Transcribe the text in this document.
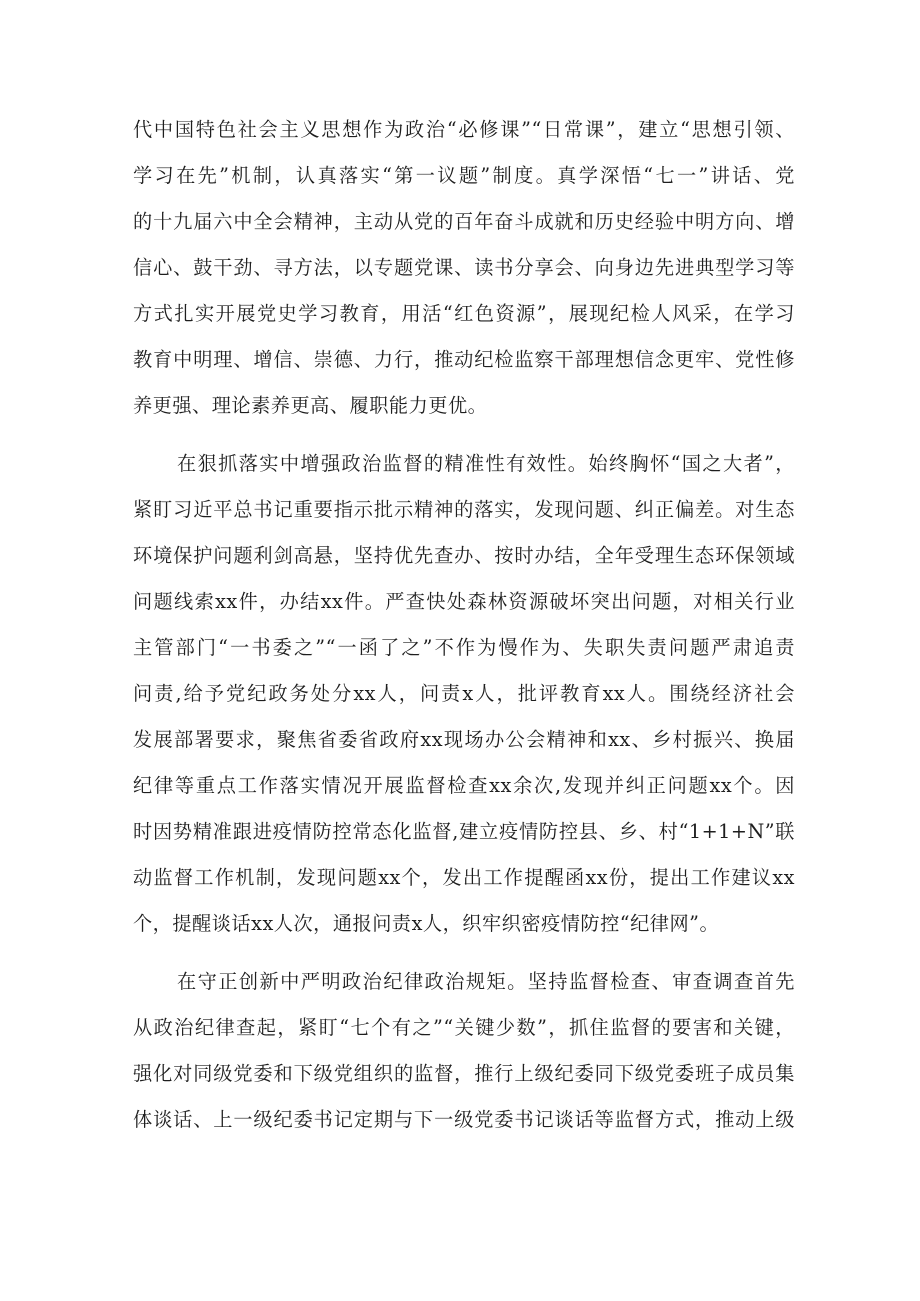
代中国特色社会主义思想作为政治“必修课”“日常课”，建立“思想引领、
学习在先”机制，认真落实“第一议题”制度。真学深悟“七一”讲话、党
的十九届六中全会精神，主动从党的百年奋斗成就和历史经验中明方向、增
信心、鼓干劲、寻方法，以专题党课、读书分享会、向身边先进典型学习等
方式扎实开展党史学习教育，用活“红色资源”，展现纪检人风采，在学习
教育中明理、增信、崇德、力行，推动纪检监察干部理想信念更牢、党性修
养更强、理论素养更高、履职能力更优。
在狠抓落实中增强政治监督的精准性有效性。始终胸怀“国之大者”，
紧盯习近平总书记重要指示批示精神的落实，发现问题、纠正偏差。对生态
环境保护问题利剑高悬，坚持优先查办、按时办结，全年受理生态环保领域
问题线索xx件，办结xx件。严查快处森林资源破坏突出问题，对相关行业
主管部门“一书委之”“一函了之”不作为慢作为、失职失责问题严肃追责
问责,给予党纪政务处分xx人，问责x人，批评教育xx人。围绕经济社会
发展部署要求，聚焦省委省政府xx现场办公会精神和xx、乡村振兴、换届
纪律等重点工作落实情况开展监督检查xx余次,发现并纠正问题xx个。因
时因势精准跟进疫情防控常态化监督,建立疫情防控县、乡、村“1+1+N”联
动监督工作机制，发现问题xx个，发出工作提醒函xx份，提出工作建议xx
个，提醒谈话xx人次，通报问责x人，织牢织密疫情防控“纪律网”。
在守正创新中严明政治纪律政治规矩。坚持监督检查、审查调查首先
从政治纪律查起，紧盯“七个有之”“关键少数”，抓住监督的要害和关键，
强化对同级党委和下级党组织的监督，推行上级纪委同下级党委班子成员集
体谈话、上一级纪委书记定期与下一级党委书记谈话等监督方式，推动上级
